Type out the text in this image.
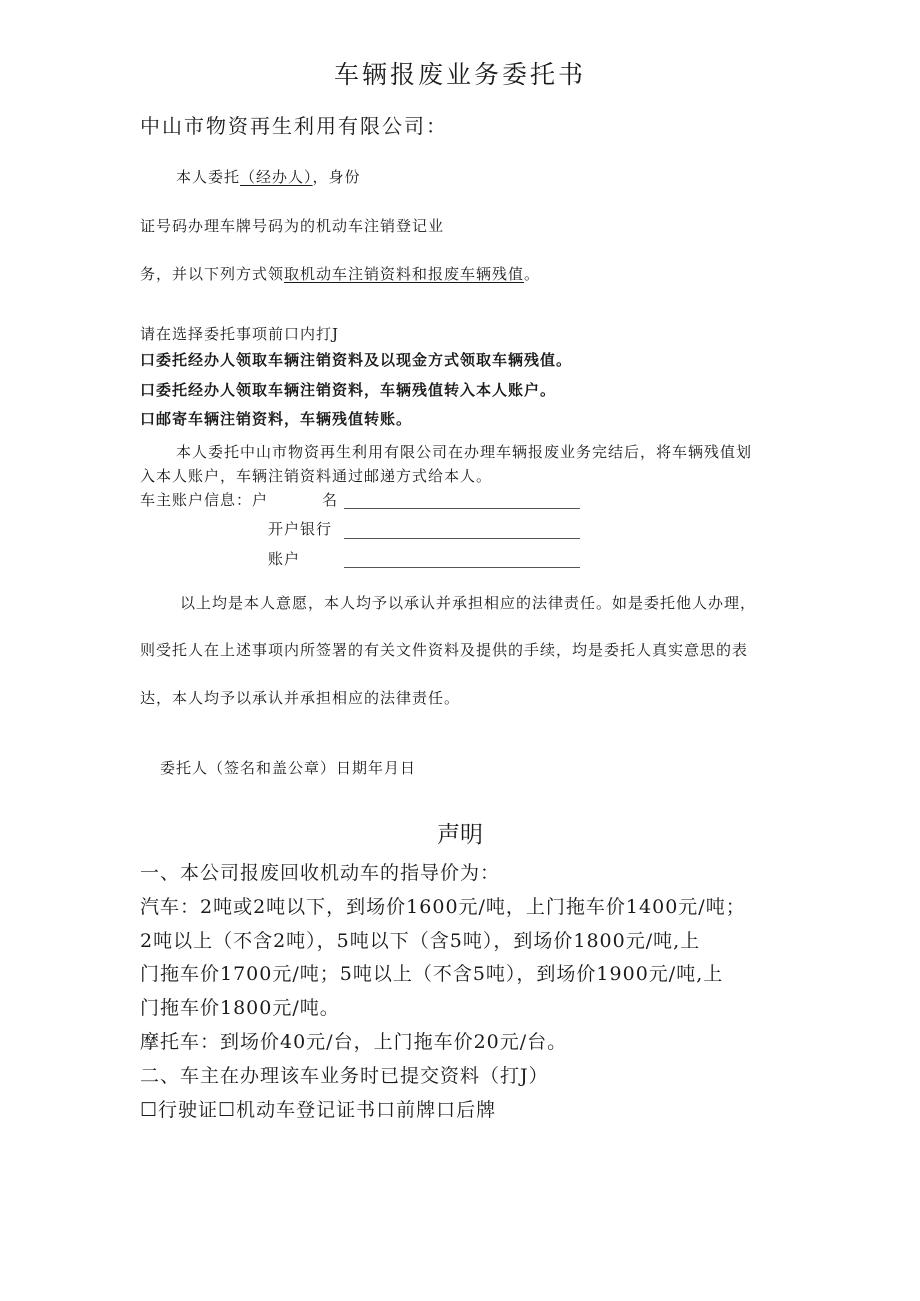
车辆报废业务委托书
中山市物资再生利用有限公司：
本人委托（经办人），身份
证号码办理车牌号码为的机动车注销登记业
务，并以下列方式领取机动车注销资料和报废车辆残值。
请在选择委托事项前口内打J
口委托经办人领取车辆注销资料及以现金方式领取车辆残值。
口委托经办人领取车辆注销资料，车辆残值转入本人账户。
口邮寄车辆注销资料，车辆残值转账。
本人委托中山市物资再生利用有限公司在办理车辆报废业务完结后，将车辆残值划
入本人账户，车辆注销资料通过邮递方式给本人。
车主账户信息：户	名
开户银行
账户
以上均是本人意愿，本人均予以承认并承担相应的法律责任。如是委托他人办理，
则受托人在上述事项内所签署的有关文件资料及提供的手续，均是委托人真实意思的表
达，本人均予以承认并承担相应的法律责任。
委托人（签名和盖公章）日期年月日
声明
一、本公司报废回收机动车的指导价为：
汽车：2吨或2吨以下，到场价1600元/吨，上门拖车价1400元/吨；
2吨以上（不含2吨），5吨以下（含5吨），到场价1800元/吨,上
门拖车价1700元/吨；5吨以上（不含5吨），到场价1900元/吨,上
门拖车价1800元/吨。
摩托车：到场价40元/台，上门拖车价20元/台。
二、车主在办理该车业务时已提交资料（打J）
☐行驶证☐机动车登记证书口前牌口后牌
